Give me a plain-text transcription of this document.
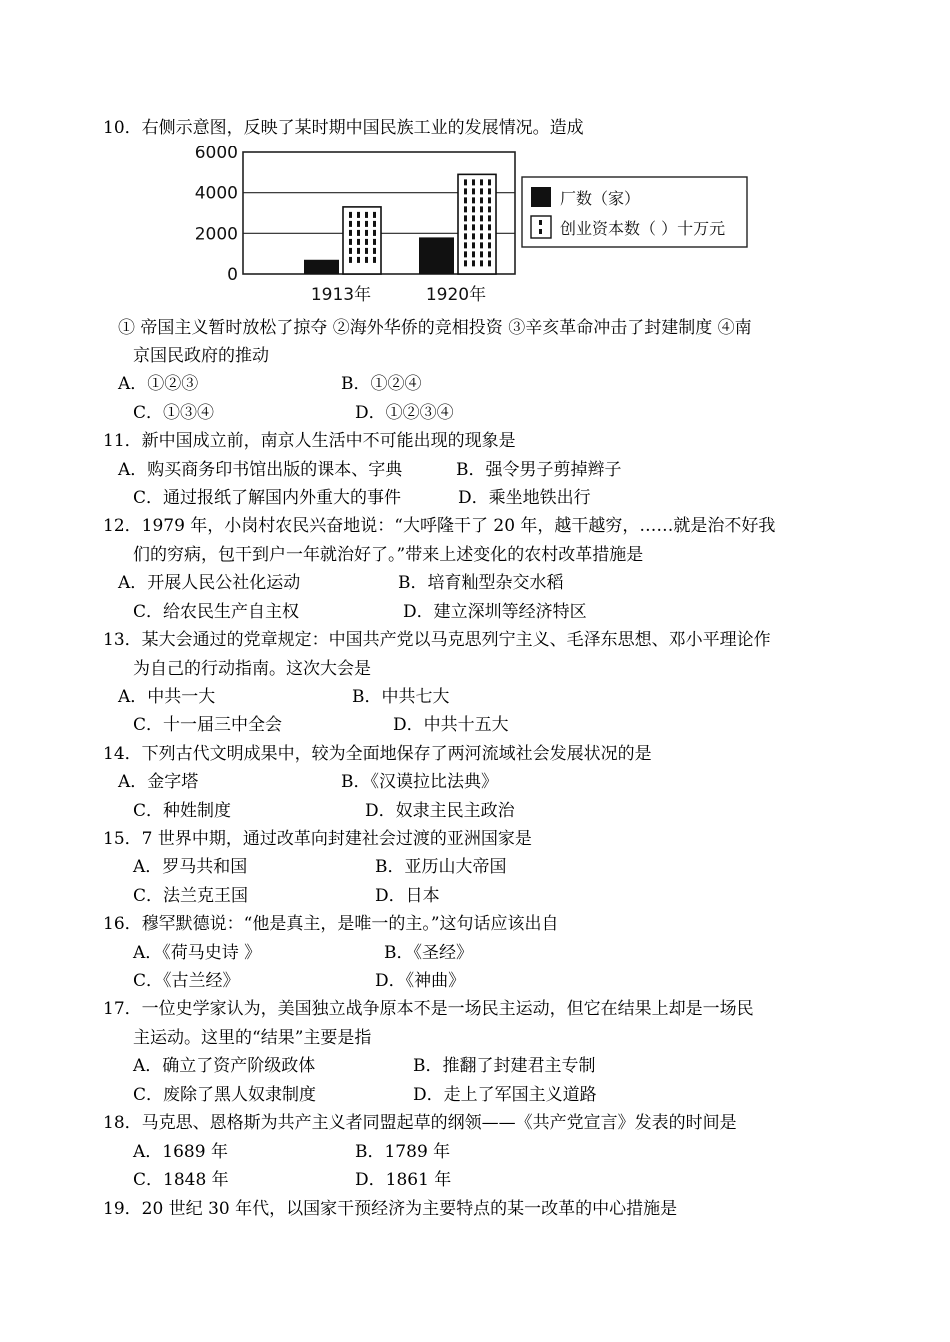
10．右侧示意图，反映了某时期中国民族工业的发展情况。造成
6000
4000
2000
0
1913年	1920年
厂数（家）
创业资本数（ ）十万元
① 帝国主义暂时放松了掠夺 ②海外华侨的竞相投资 ③辛亥革命冲击了封建制度 ④南
京国民政府的推动
A．①②③	B．①②④
C．①③④	D．①②③④
11．新中国成立前，南京人生活中不可能出现的现象是
A．购买商务印书馆出版的课本、字典	B．强令男子剪掉辫子
C．通过报纸了解国内外重大的事件	D．乘坐地铁出行
12．1979 年，小岗村农民兴奋地说：“大呼隆干了 20 年，越干越穷，……就是治不好我
们的穷病，包干到户一年就治好了。”带来上述变化的农村改革措施是
A．开展人民公社化运动	B．培育籼型杂交水稻
C．给农民生产自主权	D．建立深圳等经济特区
13．某大会通过的党章规定：中国共产党以马克思列宁主义、毛泽东思想、邓小平理论作
为自己的行动指南。这次大会是
A．中共一大	B．中共七大
C．十一届三中全会	D．中共十五大
14．下列古代文明成果中，较为全面地保存了两河流域社会发展状况的是
A．金字塔	B．《汉谟拉比法典》
C．种姓制度	D．奴隶主民主政治
15．7 世界中期，通过改革向封建社会过渡的亚洲国家是
A．罗马共和国	B．亚历山大帝国
C．法兰克王国	D．日本
16．穆罕默德说：“他是真主，是唯一的主。”这句话应该出自
A．《荷马史诗 》	B．《圣经》
C．《古兰经》	D．《神曲》
17．一位史学家认为，美国独立战争原本不是一场民主运动，但它在结果上却是一场民
主运动。这里的“结果”主要是指
A．确立了资产阶级政体	B．推翻了封建君主专制
C．废除了黑人奴隶制度	D．走上了军国主义道路
18．马克思、恩格斯为共产主义者同盟起草的纲领——《共产党宣言》发表的时间是
A．1689 年	B．1789 年
C．1848 年	D．1861 年
19．20 世纪 30 年代，以国家干预经济为主要特点的某一改革的中心措施是
